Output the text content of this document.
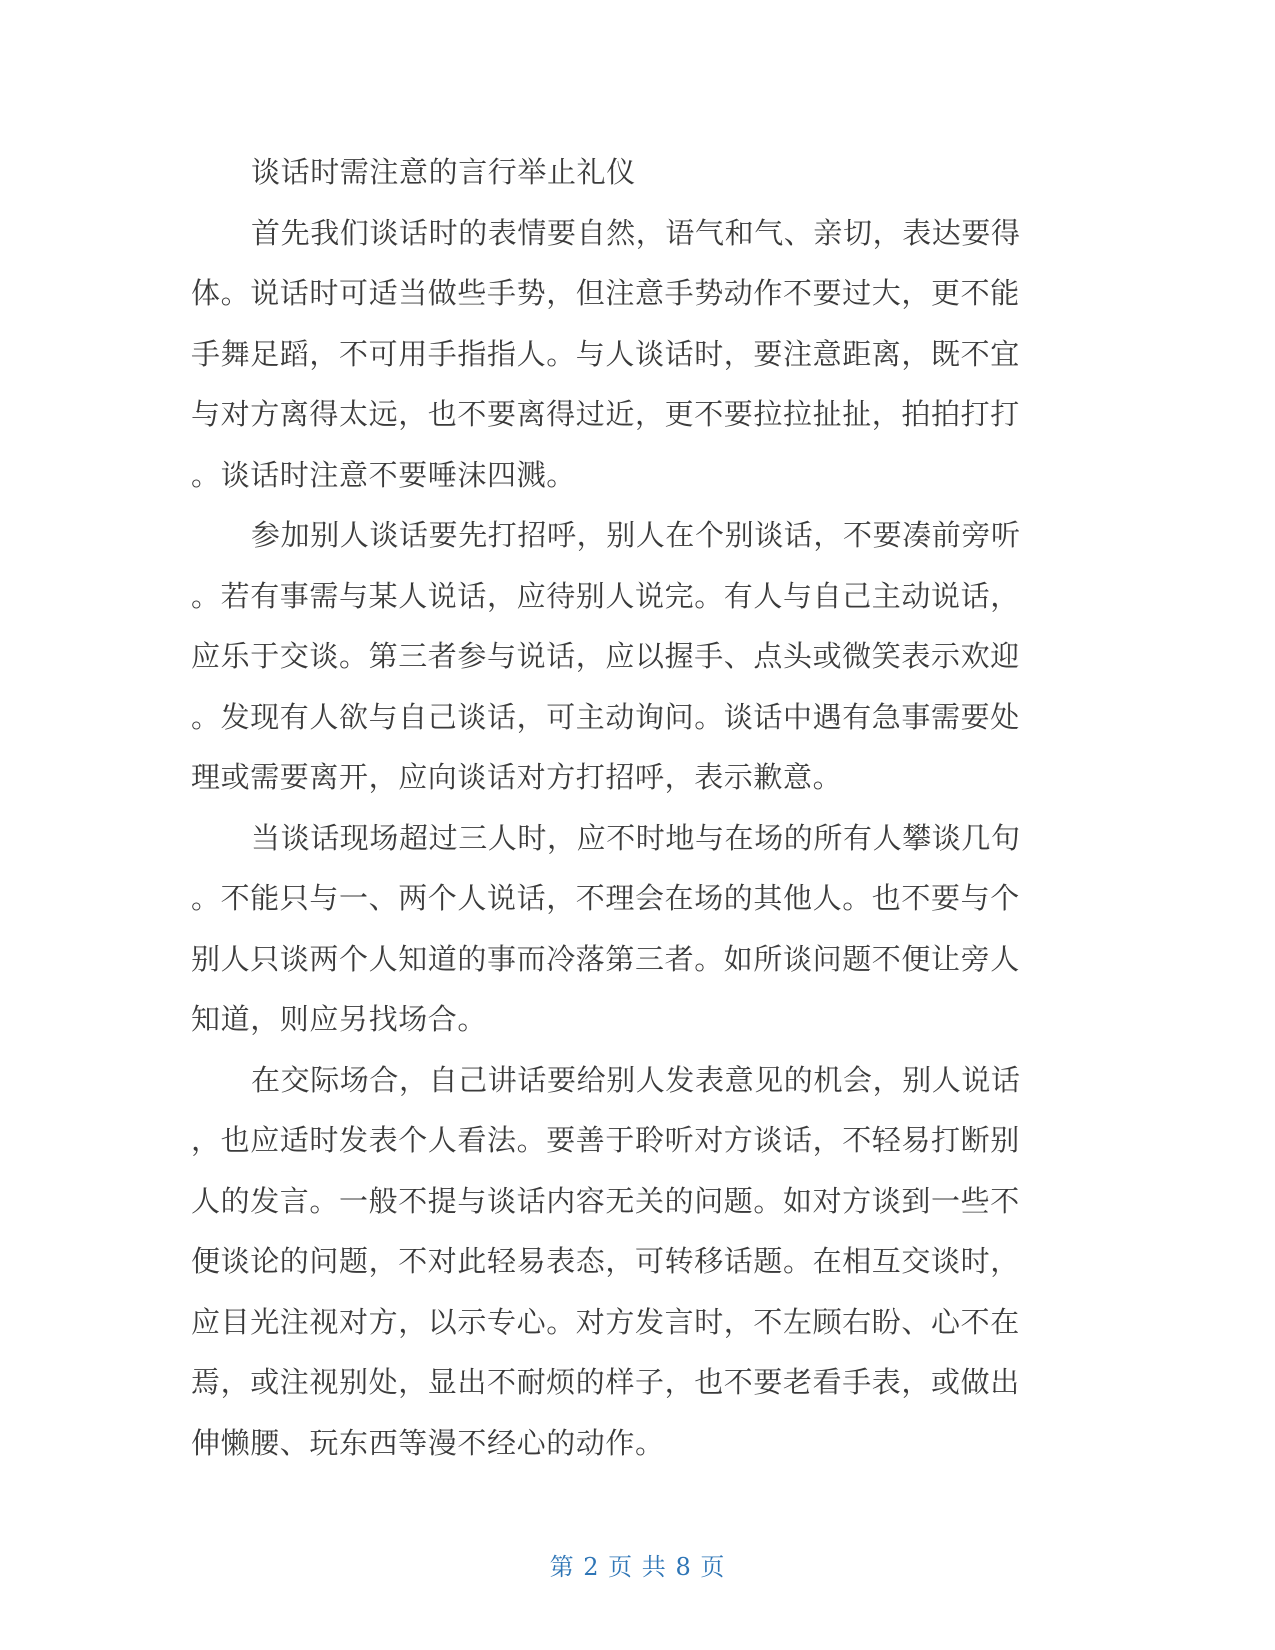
谈话时需注意的言行举止礼仪
首先我们谈话时的表情要自然，语气和气、亲切，表达要得
体。说话时可适当做些手势，但注意手势动作不要过大，更不能
手舞足蹈，不可用手指指人。与人谈话时，要注意距离，既不宜
与对方离得太远，也不要离得过近，更不要拉拉扯扯，拍拍打打
。谈话时注意不要唾沫四溅。
参加别人谈话要先打招呼，别人在个别谈话，不要凑前旁听
。若有事需与某人说话，应待别人说完。有人与自己主动说话，
应乐于交谈。第三者参与说话，应以握手、点头或微笑表示欢迎
。发现有人欲与自己谈话，可主动询问。谈话中遇有急事需要处
理或需要离开，应向谈话对方打招呼，表示歉意。
当谈话现场超过三人时，应不时地与在场的所有人攀谈几句
。不能只与一、两个人说话，不理会在场的其他人。也不要与个
别人只谈两个人知道的事而冷落第三者。如所谈问题不便让旁人
知道，则应另找场合。
在交际场合，自己讲话要给别人发表意见的机会，别人说话
，也应适时发表个人看法。要善于聆听对方谈话，不轻易打断别
人的发言。一般不提与谈话内容无关的问题。如对方谈到一些不
便谈论的问题，不对此轻易表态，可转移话题。在相互交谈时，
应目光注视对方，以示专心。对方发言时，不左顾右盼、心不在
焉，或注视别处，显出不耐烦的样子，也不要老看手表，或做出
伸懒腰、玩东西等漫不经心的动作。
第 2 页 共 8 页
